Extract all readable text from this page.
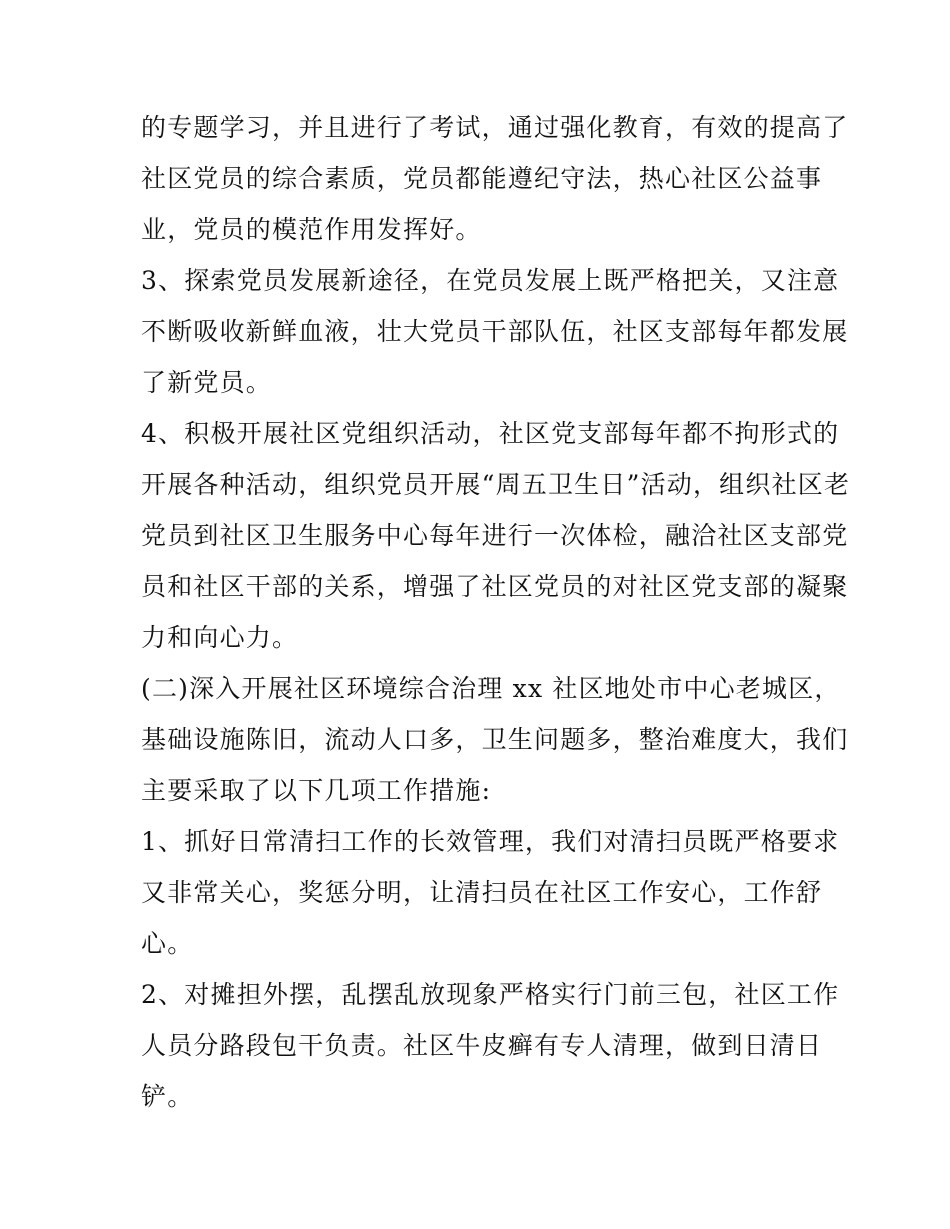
的专题学习，并且进行了考试，通过强化教育，有效的提高了
社区党员的综合素质，党员都能遵纪守法，热心社区公益事
业，党员的模范作用发挥好。
3、探索党员发展新途径，在党员发展上既严格把关，又注意
不断吸收新鲜血液，壮大党员干部队伍，社区支部每年都发展
了新党员。
4、积极开展社区党组织活动，社区党支部每年都不拘形式的
开展各种活动，组织党员开展“周五卫生日”活动，组织社区老
党员到社区卫生服务中心每年进行一次体检，融洽社区支部党
员和社区干部的关系，增强了社区党员的对社区党支部的凝聚
力和向心力。
(二)深入开展社区环境综合治理 xx 社区地处市中心老城区，
基础设施陈旧，流动人口多，卫生问题多，整治难度大，我们
主要采取了以下几项工作措施:
1、抓好日常清扫工作的长效管理，我们对清扫员既严格要求
又非常关心，奖惩分明，让清扫员在社区工作安心，工作舒
心。
2、对摊担外摆，乱摆乱放现象严格实行门前三包，社区工作
人员分路段包干负责。社区牛皮癣有专人清理，做到日清日
铲。
